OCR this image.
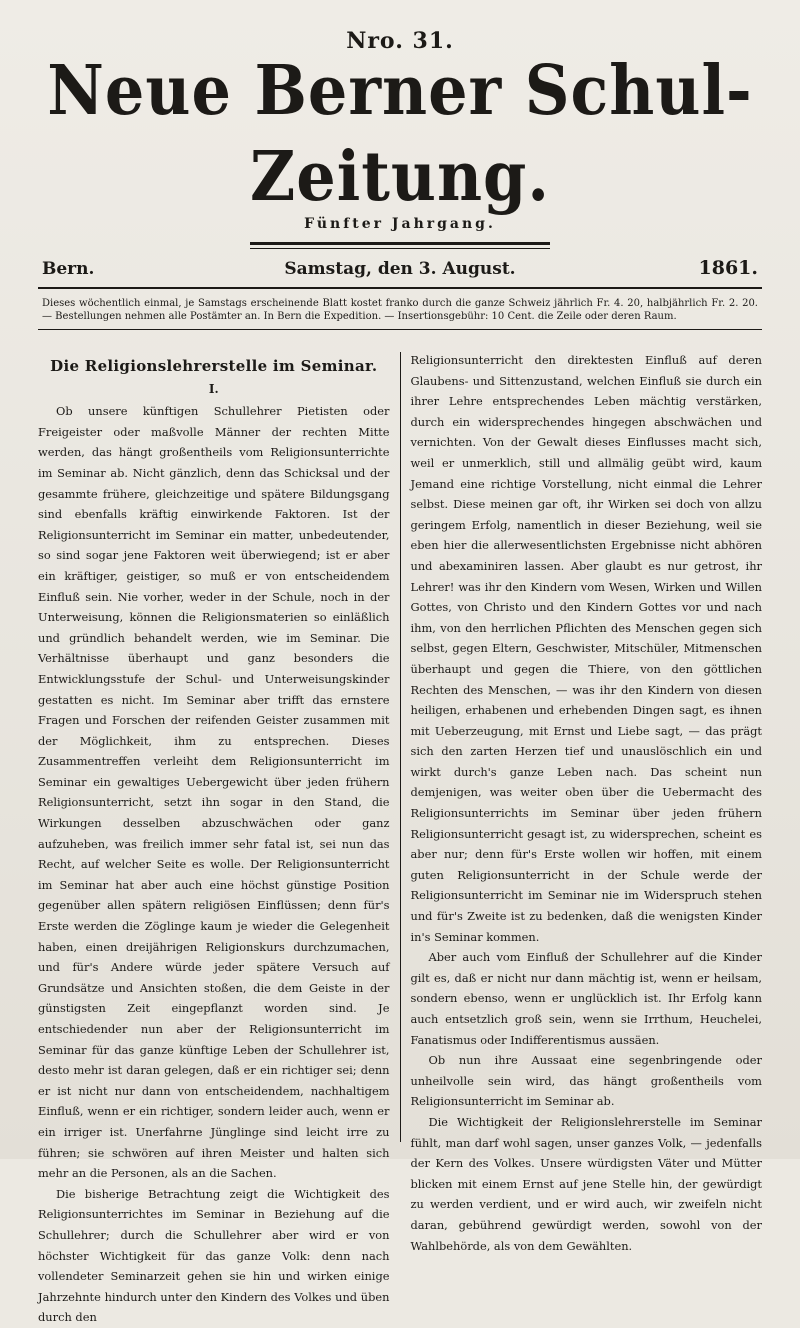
Nro. 31.
Neue Berner Schul-Zeitung.
Fünfter Jahrgang.
Bern.	Samstag, den 3. August.	1861.
Dieses wöchentlich einmal, je Samstags erscheinende Blatt kostet franko durch die ganze Schweiz jährlich Fr. 4. 20, halbjährlich Fr. 2. 20. — Bestellungen nehmen alle Postämter an. In Bern die Expedition. — Insertionsgebühr: 10 Cent. die Zeile oder deren Raum.
Die Religionslehrerstelle im Seminar.
I.

Ob unsere künftigen Schullehrer Pietisten oder Freigeister oder maßvolle Männer der rechten Mitte werden, das hängt großentheils vom Religionsunterrichte im Seminar ab. Nicht gänzlich, denn das Schicksal und der gesammte frühere, gleichzeitige und spätere Bildungsgang sind ebenfalls kräftig einwirkende Faktoren. Ist der Religionsunterricht im Seminar ein matter, unbedeutender, so sind sogar jene Faktoren weit überwiegend; ist er aber ein kräftiger, geistiger, so muß er von entscheidendem Einfluß sein. Nie vorher, weder in der Schule, noch in der Unterweisung, können die Religionsmaterien so einläßlich und gründlich behandelt werden, wie im Seminar. Die Verhältnisse überhaupt und ganz besonders die Entwicklungsstufe der Schul- und Unterweisungskinder gestatten es nicht. Im Seminar aber trifft das ernstere Fragen und Forschen der reifenden Geister zusammen mit der Möglichkeit, ihm zu entsprechen. Dieses Zusammentreffen verleiht dem Religionsunterricht im Seminar ein gewaltiges Uebergewicht über jeden frühern Religionsunterricht, setzt ihn sogar in den Stand, die Wirkungen desselben abzuschwächen oder ganz aufzuheben, was freilich immer sehr fatal ist, sei nun das Recht, auf welcher Seite es wolle. Der Religionsunterricht im Seminar hat aber auch eine höchst günstige Position gegenüber allen spätern religiösen Einflüssen; denn für's Erste werden die Zöglinge kaum je wieder die Gelegenheit haben, einen dreijährigen Religionskurs durchzumachen, und für's Andere würde jeder spätere Versuch auf Grundsätze und Ansichten stoßen, die dem Geiste in der günstigsten Zeit eingepflanzt worden sind. Je entschiedender nun aber der Religionsunterricht im Seminar für das ganze künftige Leben der Schullehrer ist, desto mehr ist daran gelegen, daß er ein richtiger sei; denn er ist nicht nur dann von entscheidendem, nachhaltigem Einfluß, wenn er ein richtiger, sondern leider auch, wenn er ein irriger ist. Unerfahrne Jünglinge sind leicht irre zu führen; sie schwören auf ihren Meister und halten sich mehr an die Personen, als an die Sachen.

Die bisherige Betrachtung zeigt die Wichtigkeit des Religionsunterrichtes im Seminar in Beziehung auf die Schullehrer; durch die Schullehrer aber wird er von höchster Wichtigkeit für das ganze Volk: denn nach vollendeter Seminarzeit gehen sie hin und wirken einige Jahrzehnte hindurch unter den Kindern des Volkes und üben durch den

Religionsunterricht den direktesten Einfluß auf deren Glaubens- und Sittenzustand, welchen Einfluß sie durch ein ihrer Lehre entsprechendes Leben mächtig verstärken, durch ein widersprechendes hingegen abschwächen und vernichten. Von der Gewalt dieses Einflusses macht sich, weil er unmerklich, still und allmälig geübt wird, kaum Jemand eine richtige Vorstellung, nicht einmal die Lehrer selbst. Diese meinen gar oft, ihr Wirken sei doch von allzu geringem Erfolg, namentlich in dieser Beziehung, weil sie eben hier die allerwesentlichsten Ergebnisse nicht abhören und abexaminiren lassen. Aber glaubt es nur getrost, ihr Lehrer! was ihr den Kindern vom Wesen, Wirken und Willen Gottes, von Christo und den Kindern Gottes vor und nach ihm, von den herrlichen Pflichten des Menschen gegen sich selbst, gegen Eltern, Geschwister, Mitschüler, Mitmenschen überhaupt und gegen die Thiere, von den göttlichen Rechten des Menschen, — was ihr den Kindern von diesen heiligen, erhabenen und erhebenden Dingen sagt, es ihnen mit Ueberzeugung, mit Ernst und Liebe sagt, — das prägt sich den zarten Herzen tief und unauslöschlich ein und wirkt durch's ganze Leben nach. Das scheint nun demjenigen, was weiter oben über die Uebermacht des Religionsunterrichts im Seminar über jeden frühern Religionsunterricht gesagt ist, zu widersprechen, scheint es aber nur; denn für's Erste wollen wir hoffen, mit einem guten Religionsunterricht in der Schule werde der Religionsunterricht im Seminar nie im Widerspruch stehen und für's Zweite ist zu bedenken, daß die wenigsten Kinder in's Seminar kommen.

Aber auch vom Einfluß der Schullehrer auf die Kinder gilt es, daß er nicht nur dann mächtig ist, wenn er heilsam, sondern ebenso, wenn er unglücklich ist. Ihr Erfolg kann auch entsetzlich groß sein, wenn sie Irrthum, Heuchelei, Fanatismus oder Indifferentismus aussäen.

Ob nun ihre Aussaat eine segenbringende oder unheilvolle sein wird, das hängt großentheils vom Religionsunterricht im Seminar ab.

Die Wichtigkeit der Religionslehrerstelle im Seminar fühlt, man darf wohl sagen, unser ganzes Volk, — jedenfalls der Kern des Volkes. Unsere würdigsten Väter und Mütter blicken mit einem Ernst auf jene Stelle hin, der gewürdigt zu werden verdient, und er wird auch, wir zweifeln nicht daran, gebührend gewürdigt werden, sowohl von der Wahlbehörde, als von dem Gewählten.
